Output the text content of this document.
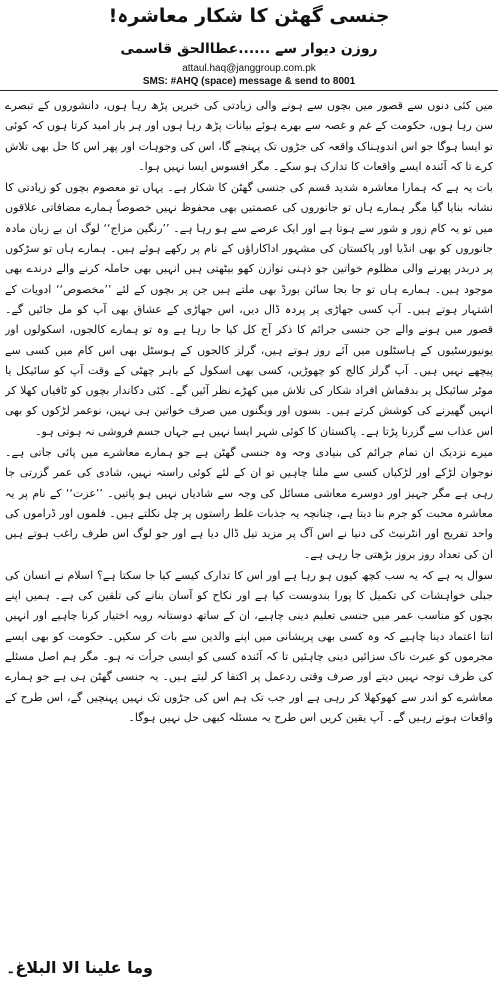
جنسی گھٹن کا شکار معاشرہ!
روزن دیوار سے ......عطاالحق قاسمی
attaul.haq@janggroup.com.pk
SMS: #AHQ (space) message & send to 8001

میں کئی دنوں سے قصور میں بچوں سے ہونے والی زیادتی کی خبریں پڑھ رہا ہوں، دانشوروں کے تبصرے سن رہا ہوں، حکومت کے غم و غصہ سے بھرے ہوئے بیانات پڑھ رہا ہوں اور ہر بار امید کرتا ہوں کہ کوئی تو ایسا ہوگا جو اس اندوہناک واقعہ کی جڑوں تک پہنچے گا، اس کی وجوہات اور پھر اس کا حل بھی تلاش کرے تا کہ آئندہ ایسے واقعات کا تدارک ہو سکے۔ مگر افسوس ایسا نہیں ہوا۔

بات یہ ہے کہ ہمارا معاشرہ شدید قسم کی جنسی گھٹن کا شکار ہے۔ یہاں تو معصوم بچوں کو زیادتی کا نشانہ بنایا گیا مگر ہمارے ہاں تو جانوروں کی عصمتیں بھی محفوظ نہیں خصوصاً ہمارے مضافاتی علاقوں میں تو یہ کام زور و شور سے ہوتا ہے اور ایک عرصے سے ہو رہا ہے۔ ’’رنگین مزاج‘‘ لوگ ان بے زبان مادہ جانوروں کو بھی انڈیا اور پاکستان کی مشہور اداکاراؤں کے نام پر رکھے ہوئے ہیں۔ ہمارے ہاں تو سڑکوں پر دربدر پھرنے والی مظلوم خواتین جو ذہنی توازن کھو بیٹھتی ہیں انہیں بھی حاملہ کرنے والے درندے بھی موجود ہیں۔ ہمارے ہاں تو جا بجا سائن بورڈ بھی ملتے ہیں جن پر بچوں کے لئے ’’مخصوص‘‘ ادویات کے اشتہار ہوتے ہیں۔ آپ کسی جھاڑی پر پردہ ڈال دیں، اس جھاڑی کے عشاق بھی آپ کو مل جائیں گے۔ قصور میں ہونے والے جن جنسی جرائم کا ذکر آج کل کیا جا رہا ہے وہ تو ہمارے کالجوں، اسکولوں اور یونیورسٹیوں کے ہاسٹلوں میں آئے روز ہوتے ہیں، گرلز کالجوں کے ہوسٹل بھی اس کام میں کسی سے پیچھے نہیں ہیں۔ آپ گرلز کالج کو چھوڑیں، کسی بھی اسکول کے باہر چھٹی کے وقت آپ کو سائیکل یا موٹر سائیکل پر بدقماش افراد شکار کی تلاش میں کھڑے نظر آئیں گے۔ کئی دکاندار بچوں کو ٹافیاں کھلا کر انہیں گھیرنے کی کوشش کرتے ہیں۔ بسوں اور ویگنوں میں صرف خواتین ہی نہیں، نوعمر لڑکوں کو بھی اس عذاب سے گزرنا پڑتا ہے۔ پاکستان کا کوئی شہر ایسا نہیں ہے جہاں جسم فروشی نہ ہوتی ہو۔

میرے نزدیک ان تمام جرائم کی بنیادی وجہ وہ جنسی گھٹن ہے جو ہمارے معاشرے میں پائی جاتی ہے۔ نوجوان لڑکے اور لڑکیاں کسی سے ملنا چاہیں تو ان کے لئے کوئی راستہ نہیں، شادی کی عمر گزرتی جا رہی ہے مگر جہیز اور دوسرے معاشی مسائل کی وجہ سے شادیاں نہیں ہو پاتیں۔ ’’عزت‘‘ کے نام پر یہ معاشرہ محبت کو جرم بنا دیتا ہے، چنانچہ یہ جذبات غلط راستوں پر چل نکلتے ہیں۔ فلموں اور ڈراموں کی واحد تفریح اور انٹرنیٹ کی دنیا نے اس آگ پر مزید تیل ڈال دیا ہے اور جو لوگ اس طرف راغب ہوتے ہیں ان کی تعداد روز بروز بڑھتی جا رہی ہے۔

سوال یہ ہے کہ یہ سب کچھ کیوں ہو رہا ہے اور اس کا تدارک کیسے کیا جا سکتا ہے؟ اسلام نے انسان کی جبلی خواہشات کی تکمیل کا پورا بندوبست کیا ہے اور نکاح کو آسان بنانے کی تلقین کی ہے۔ ہمیں اپنے بچوں کو مناسب عمر میں جنسی تعلیم دینی چاہیے، ان کے ساتھ دوستانہ رویہ اختیار کرنا چاہیے اور انہیں اتنا اعتماد دینا چاہیے کہ وہ کسی بھی پریشانی میں اپنے والدین سے بات کر سکیں۔ حکومت کو بھی ایسے مجرموں کو عبرت ناک سزائیں دینی چاہئیں تا کہ آئندہ کسی کو ایسی جرأت نہ ہو۔ مگر ہم اصل مسئلے کی طرف توجہ نہیں دیتے اور صرف وقتی ردعمل پر اکتفا کر لیتے ہیں۔ یہ جنسی گھٹن ہی ہے جو ہمارے معاشرے کو اندر سے کھوکھلا کر رہی ہے اور جب تک ہم اس کی جڑوں تک نہیں پہنچیں گے، اس طرح کے واقعات ہوتے رہیں گے۔ آپ یقین کریں اس طرح یہ مسئلہ کبھی حل نہیں ہوگا۔

وما علینا الا البلاغ۔
